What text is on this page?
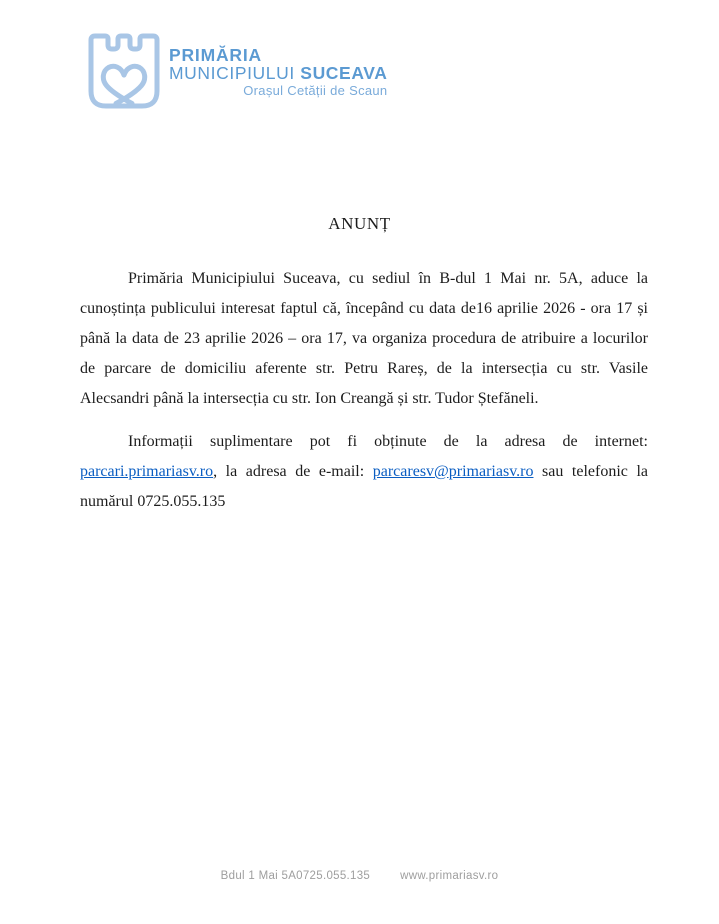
PRIMĂRIA
MUNICIPIULUI SUCEAVA
Orașul Cetății de Scaun
ANUNȚ

Primăria Municipiului Suceava, cu sediul în B-dul 1 Mai nr. 5A, aduce la cunoștința publicului interesat faptul că, începând cu data de16 aprilie 2026 - ora 17 și până la data de 23 aprilie 2026 – ora 17, va organiza procedura de atribuire a locurilor de parcare de domiciliu aferente str. Petru Rareș, de la intersecția cu str. Vasile Alecsandri până la intersecția cu str. Ion Creangă și str. Tudor Ștefăneli.

Informații suplimentare pot fi obținute de la adresa de internet: parcari.primariasv.ro, la adresa de e-mail: parcaresv@primariasv.ro sau telefonic la numărul 0725.055.135

Bdul 1 Mai 5A0725.055.135	www.primariasv.ro
